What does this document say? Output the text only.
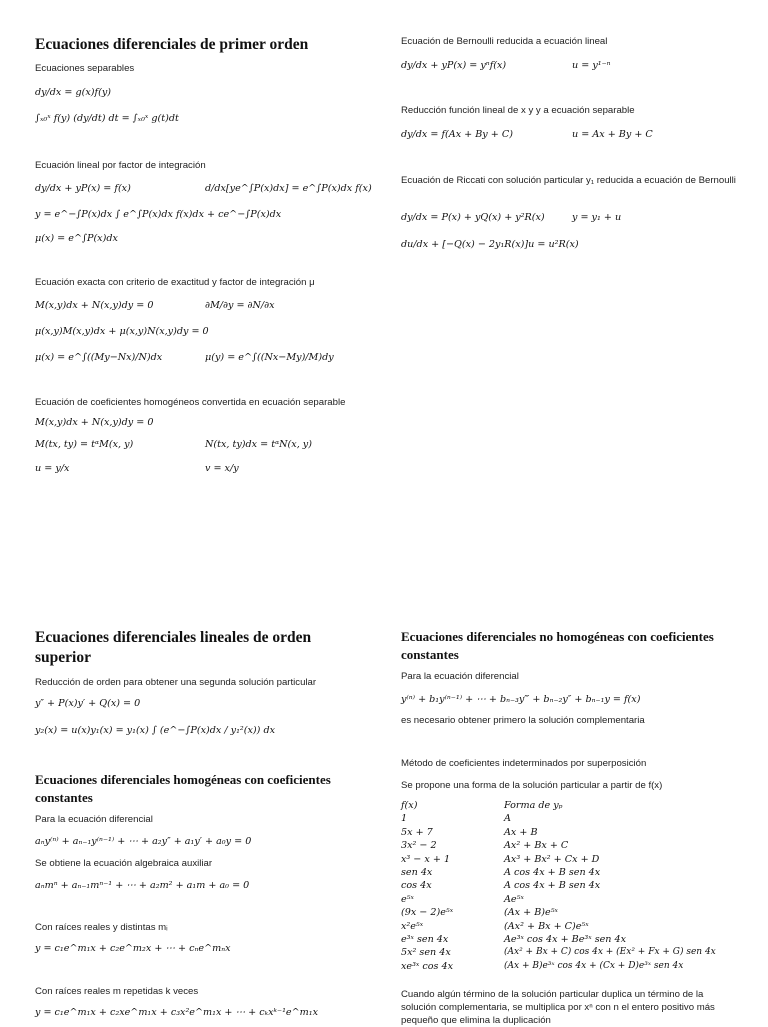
Ecuaciones diferenciales de primer orden
Ecuaciones separables
dy/dx = g(x)f(y)
∫ₓ₀ˣ f(y) (dy/dt) dt = ∫ₓ₀ˣ g(t)dt
Ecuación lineal por factor de integración
dy/dx + yP(x) = f(x)	d/dx[ye^∫P(x)dx] = e^∫P(x)dx f(x)
y = e^−∫P(x)dx ∫ e^∫P(x)dx f(x)dx + ce^−∫P(x)dx
μ(x) = e^∫P(x)dx
Ecuación exacta con criterio de exactitud y factor de integración μ
M(x,y)dx + N(x,y)dy = 0	∂M/∂y = ∂N/∂x
μ(x,y)M(x,y)dx + μ(x,y)N(x,y)dy = 0
μ(x) = e^∫((My−Nx)/N)dx	μ(y) = e^∫((Nx−My)/M)dy
Ecuación de coeficientes homogéneos convertida en ecuación separable
M(x,y)dx + N(x,y)dy = 0
M(tx, ty) = tᵅM(x, y)	N(tx, ty)dx = tᵅN(x, y)
u = y/x	v = x/y
Ecuación de Bernoulli reducida a ecuación lineal
dy/dx + yP(x) = yⁿf(x)	u = y¹⁻ⁿ
Reducción función lineal de x y y a ecuación separable
dy/dx = f(Ax + By + C)	u = Ax + By + C
Ecuación de Riccati con solución particular y₁ reducida a ecuación de Bernoulli
dy/dx = P(x) + yQ(x) + y²R(x)	y = y₁ + u
du/dx + [−Q(x) − 2y₁R(x)]u = u²R(x)
Ecuaciones diferenciales lineales de orden superior
Reducción de orden para obtener una segunda solución particular
y″ + P(x)y′ + Q(x) = 0
y₂(x) = u(x)y₁(x) = y₁(x) ∫ (e^−∫P(x)dx / y₁²(x)) dx
Ecuaciones diferenciales homogéneas con coeficientes constantes
Para la ecuación diferencial
aₙy⁽ⁿ⁾ + aₙ₋₁y⁽ⁿ⁻¹⁾ + ⋯ + a₂y″ + a₁y′ + a₀y = 0
Se obtiene la ecuación algebraica auxiliar
aₙmⁿ + aₙ₋₁mⁿ⁻¹ + ⋯ + a₂m² + a₁m + a₀ = 0
Con raíces reales y distintas mᵢ
y = c₁e^m₁x + c₂e^m₂x + ⋯ + cₙe^mₙx
Con raíces reales m repetidas k veces
y = c₁e^m₁x + c₂xe^m₁x + c₃x²e^m₁x + ⋯ + cₖxᵏ⁻¹e^m₁x
Ecuaciones diferenciales no homogéneas con coeficientes constantes
Para la ecuación diferencial
y⁽ⁿ⁾ + b₁y⁽ⁿ⁻¹⁾ + ⋯ + bₙ₋₃y‴ + bₙ₋₂y″ + bₙ₋₁y = f(x)
es necesario obtener primero la solución complementaria
Método de coeficientes indeterminados por superposición
Se propone una forma de la solución particular a partir de f(x)
f(x)	Forma de yₚ
1	A
5x + 7	Ax + B
3x² − 2	Ax² + Bx + C
x³ − x + 1	Ax³ + Bx² + Cx + D
sen 4x	A cos 4x + B sen 4x
cos 4x	A cos 4x + B sen 4x
e⁵ˣ	Ae⁵ˣ
(9x − 2)e⁵ˣ	(Ax + B)e⁵ˣ
x²e⁵ˣ	(Ax² + Bx + C)e⁵ˣ
e³ˣ sen 4x	Ae³ˣ cos 4x + Be³ˣ sen 4x
5x² sen 4x	(Ax² + Bx + C) cos 4x + (Ex² + Fx + G) sen 4x
xe³ˣ cos 4x	(Ax + B)e³ˣ cos 4x + (Cx + D)e³ˣ sen 4x
Cuando algún término de la solución particular duplica un término de la solución complementaria, se multiplica por xⁿ con n el entero positivo más pequeño que elimina la duplicación
